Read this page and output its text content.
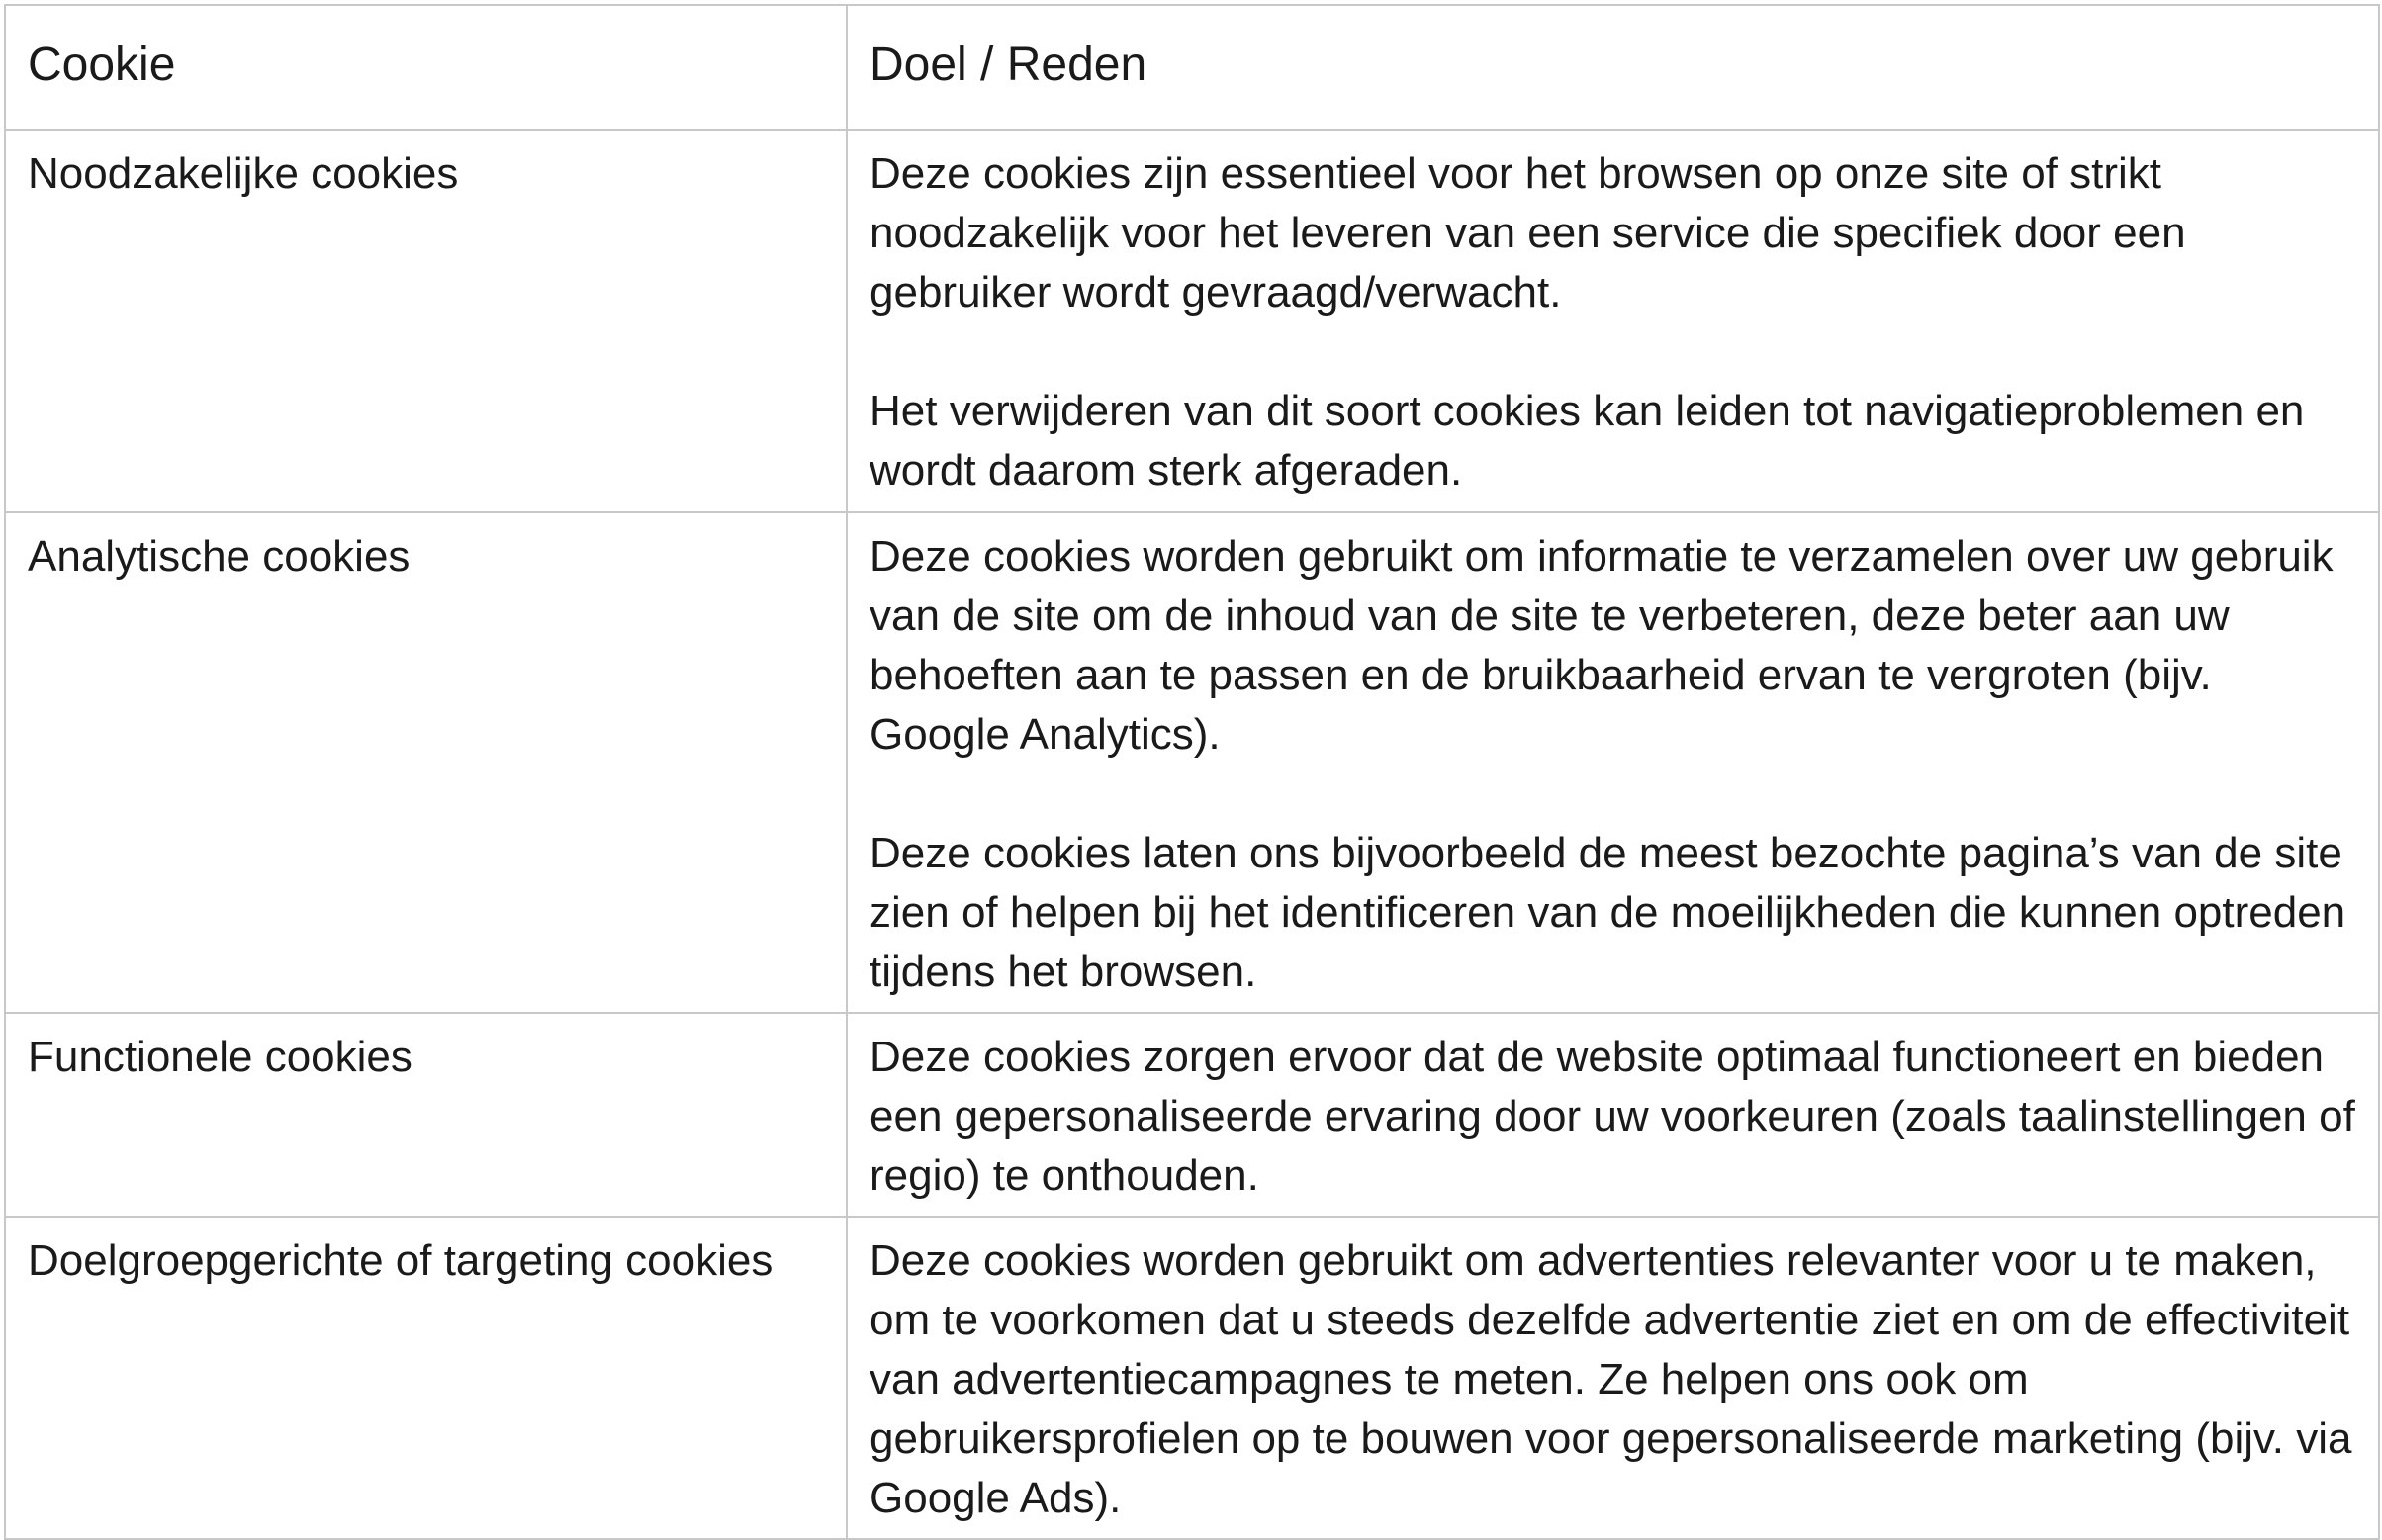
Cookie	Doel / Reden

Noodzakelijke cookies	Deze cookies zijn essentieel voor het browsen op onze site of strikt noodzakelijk voor het leveren van een service die specifiek door een gebruiker wordt gevraagd/verwacht.

Het verwijderen van dit soort cookies kan leiden tot navigatieproblemen en wordt daarom sterk afgeraden.

Analytische cookies	Deze cookies worden gebruikt om informatie te verzamelen over uw gebruik van de site om de inhoud van de site te verbeteren, deze beter aan uw behoeften aan te passen en de bruikbaarheid ervan te vergroten (bijv. Google Analytics).

Deze cookies laten ons bijvoorbeeld de meest bezochte pagina’s van de site zien of helpen bij het identificeren van de moeilijkheden die kunnen optreden tijdens het browsen.

Functionele cookies	Deze cookies zorgen ervoor dat de website optimaal functioneert en bieden een gepersonaliseerde ervaring door uw voorkeuren (zoals taalinstellingen of regio) te onthouden.

Doelgroepgerichte of targeting cookies	Deze cookies worden gebruikt om advertenties relevanter voor u te maken, om te voorkomen dat u steeds dezelfde advertentie ziet en om de effectiviteit van advertentiecampagnes te meten. Ze helpen ons ook om gebruikersprofielen op te bouwen voor gepersonaliseerde marketing (bijv. via Google Ads).
